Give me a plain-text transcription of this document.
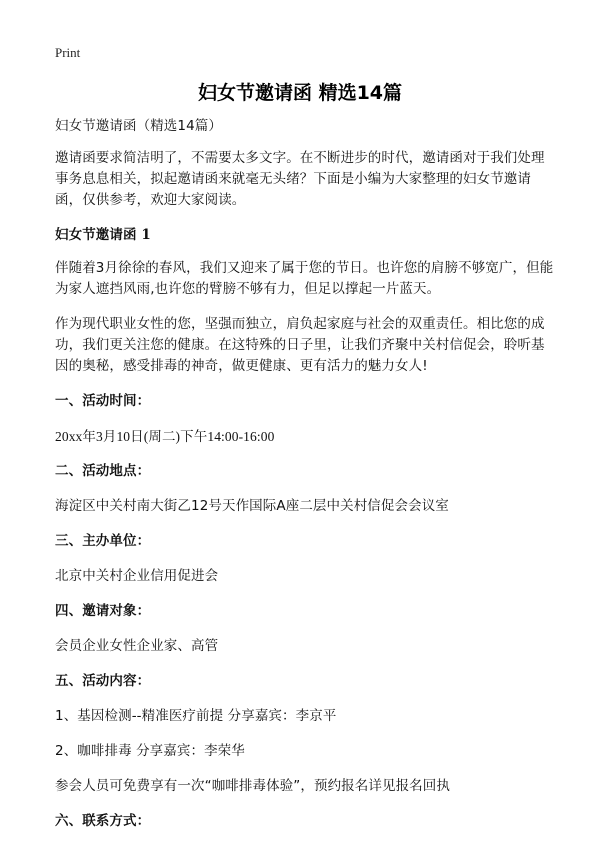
Print
妇女节邀请函 精选14篇

妇女节邀请函（精选14篇）

邀请函要求简洁明了，不需要太多文字。在不断进步的时代，邀请函对于我们处理事务息息相关，拟起邀请函来就毫无头绪？下面是小编为大家整理的妇女节邀请函，仅供参考，欢迎大家阅读。

妇女节邀请函 1

伴随着3月徐徐的春风，我们又迎来了属于您的节日。也许您的肩膀不够宽广，但能为家人遮挡风雨,也许您的臂膀不够有力，但足以撑起一片蓝天。

作为现代职业女性的您，坚强而独立，肩负起家庭与社会的双重责任。相比您的成功，我们更关注您的健康。在这特殊的日子里，让我们齐聚中关村信促会，聆听基因的奥秘，感受排毒的神奇，做更健康、更有活力的魅力女人!

一、活动时间：

20xx年3月10日(周二)下午14:00-16:00

二、活动地点：

海淀区中关村南大街乙12号天作国际A座二层中关村信促会会议室

三、主办单位：

北京中关村企业信用促进会

四、邀请对象：

会员企业女性企业家、高管

五、活动内容：

1、基因检测--精准医疗前提 分享嘉宾：李京平

2、咖啡排毒 分享嘉宾：李荣华

参会人员可免费享有一次“咖啡排毒体验”，预约报名详见报名回执

六、联系方式：
